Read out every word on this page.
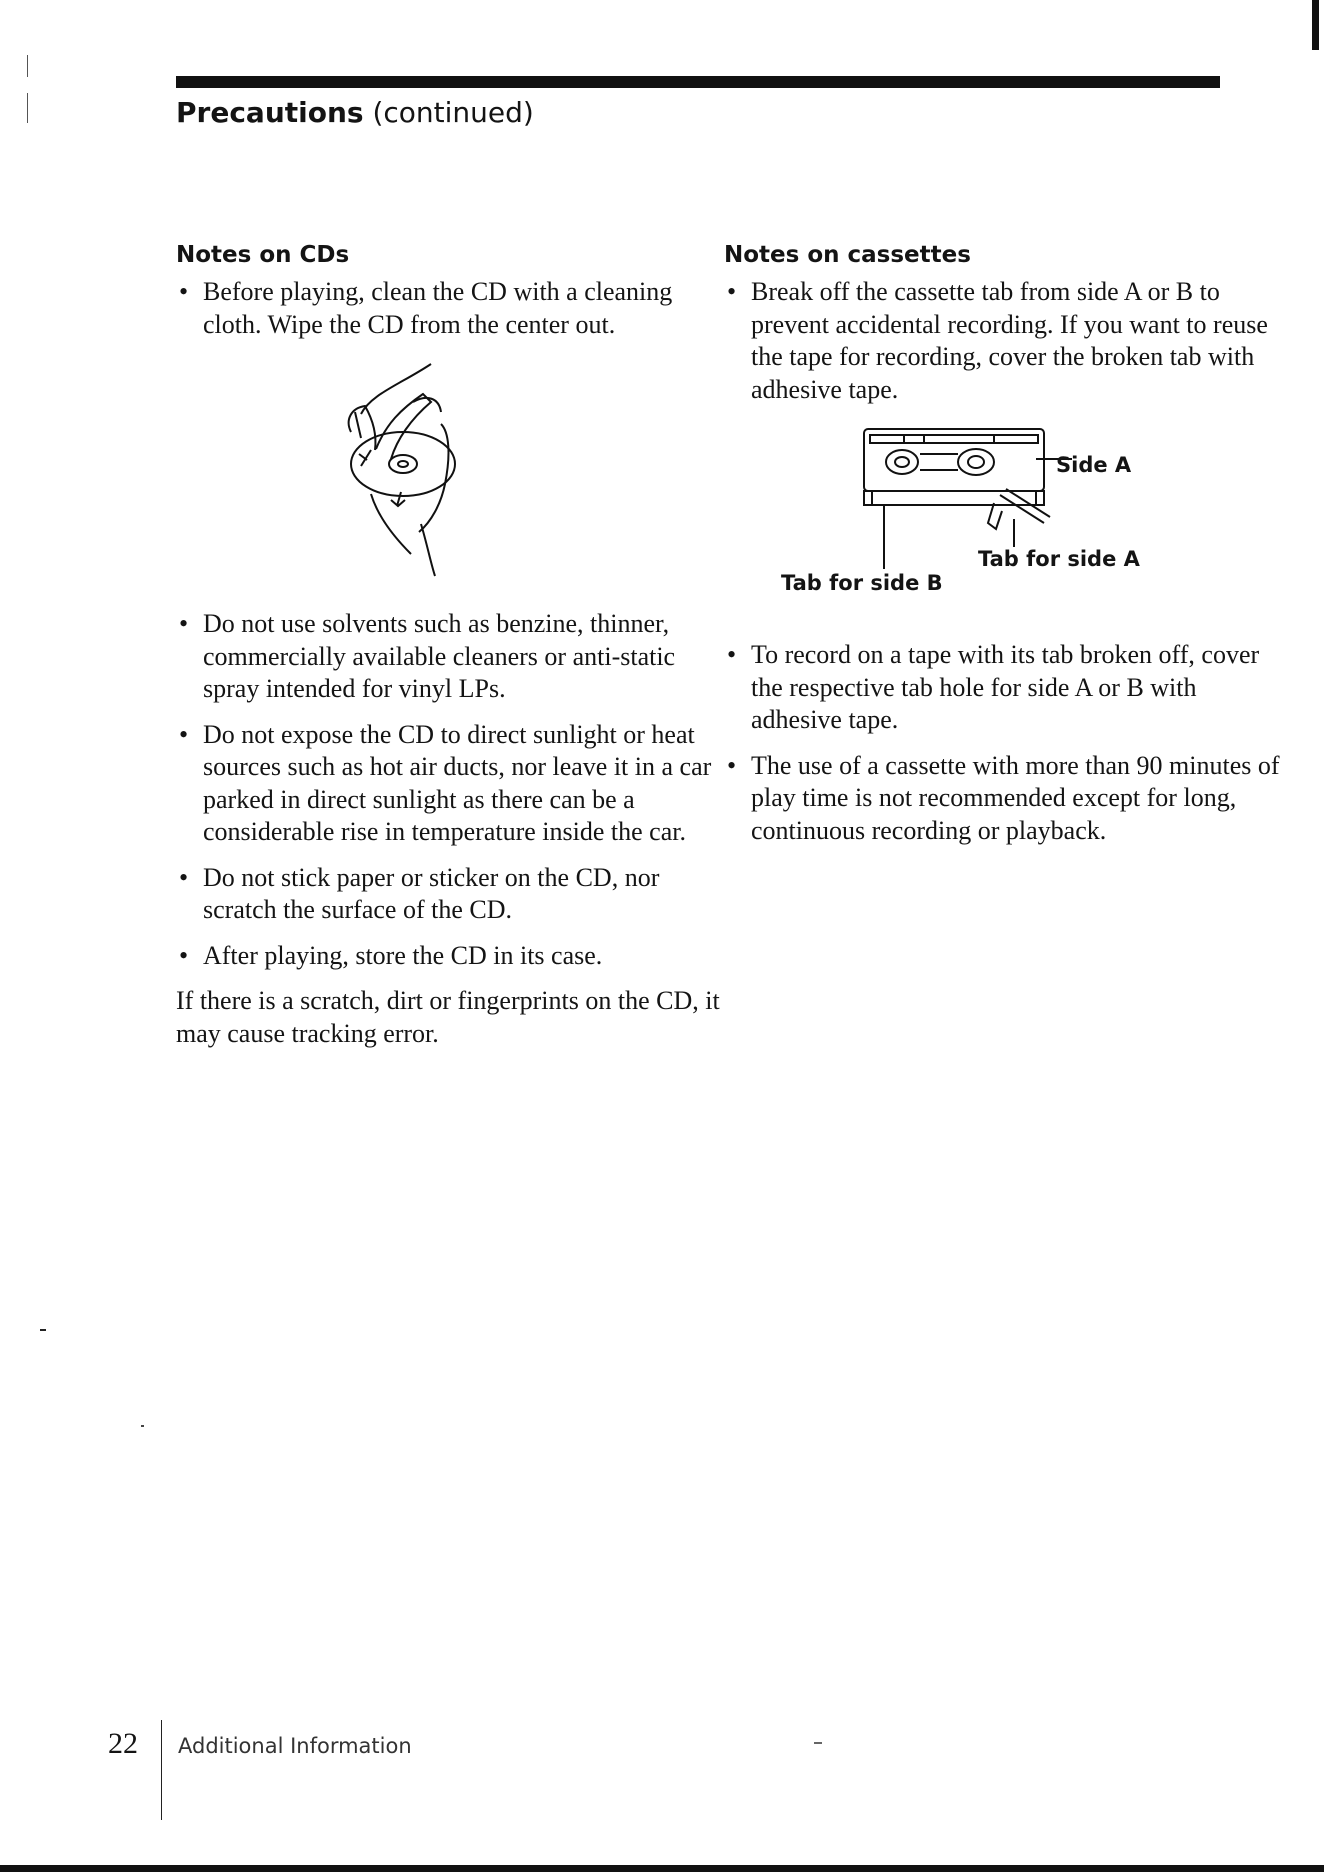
Precautions (continued)
Notes on CDs
• Before playing, clean the CD with a cleaning cloth. Wipe the CD from the center out.
• Do not use solvents such as benzine, thinner, commercially available cleaners or anti-static spray intended for vinyl LPs.
• Do not expose the CD to direct sunlight or heat sources such as hot air ducts, nor leave it in a car parked in direct sunlight as there can be a considerable rise in temperature inside the car.
• Do not stick paper or sticker on the CD, nor scratch the surface of the CD.
• After playing, store the CD in its case.
If there is a scratch, dirt or fingerprints on the CD, it may cause tracking error.
Notes on cassettes
• Break off the cassette tab from side A or B to prevent accidental recording. If you want to reuse the tape for recording, cover the broken tab with adhesive tape.
Side A
Tab for side A
Tab for side B
• To record on a tape with its tab broken off, cover the respective tab hole for side A or B with adhesive tape.
• The use of a cassette with more than 90 minutes of play time is not recommended except for long, continuous recording or playback.
22 Additional Information
